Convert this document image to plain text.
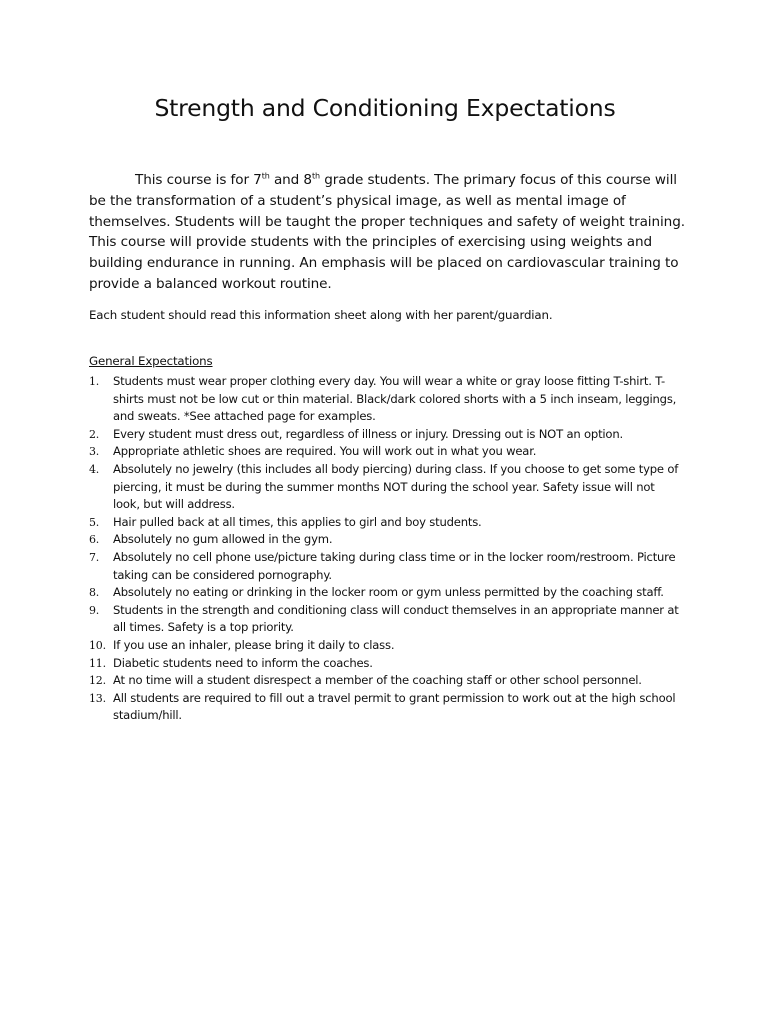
Strength and Conditioning Expectations

This course is for 7th and 8th grade students. The primary focus of this course will be the transformation of a student’s physical image, as well as mental image of themselves. Students will be taught the proper techniques and safety of weight training. This course will provide students with the principles of exercising using weights and building endurance in running. An emphasis will be placed on cardiovascular training to provide a balanced workout routine.

Each student should read this information sheet along with her parent/guardian.

General Expectations

1.	Students must wear proper clothing every day. You will wear a white or gray loose fitting T-shirt. T-shirts must not be low cut or thin material. Black/dark colored shorts with a 5 inch inseam, leggings, and sweats. *See attached page for examples.
2.	Every student must dress out, regardless of illness or injury. Dressing out is NOT an option.
3.	Appropriate athletic shoes are required. You will work out in what you wear.
4.	Absolutely no jewelry (this includes all body piercing) during class. If you choose to get some type of piercing, it must be during the summer months NOT during the school year. Safety issue will not look, but will address.
5.	Hair pulled back at all times, this applies to girl and boy students.
6.	Absolutely no gum allowed in the gym.
7.	Absolutely no cell phone use/picture taking during class time or in the locker room/restroom. Picture taking can be considered pornography.
8.	Absolutely no eating or drinking in the locker room or gym unless permitted by the coaching staff.
9.	Students in the strength and conditioning class will conduct themselves in an appropriate manner at all times. Safety is a top priority.
10. If you use an inhaler, please bring it daily to class.
11. Diabetic students need to inform the coaches.
12. At no time will a student disrespect a member of the coaching staff or other school personnel.
13. All students are required to fill out a travel permit to grant permission to work out at the high school stadium/hill.
